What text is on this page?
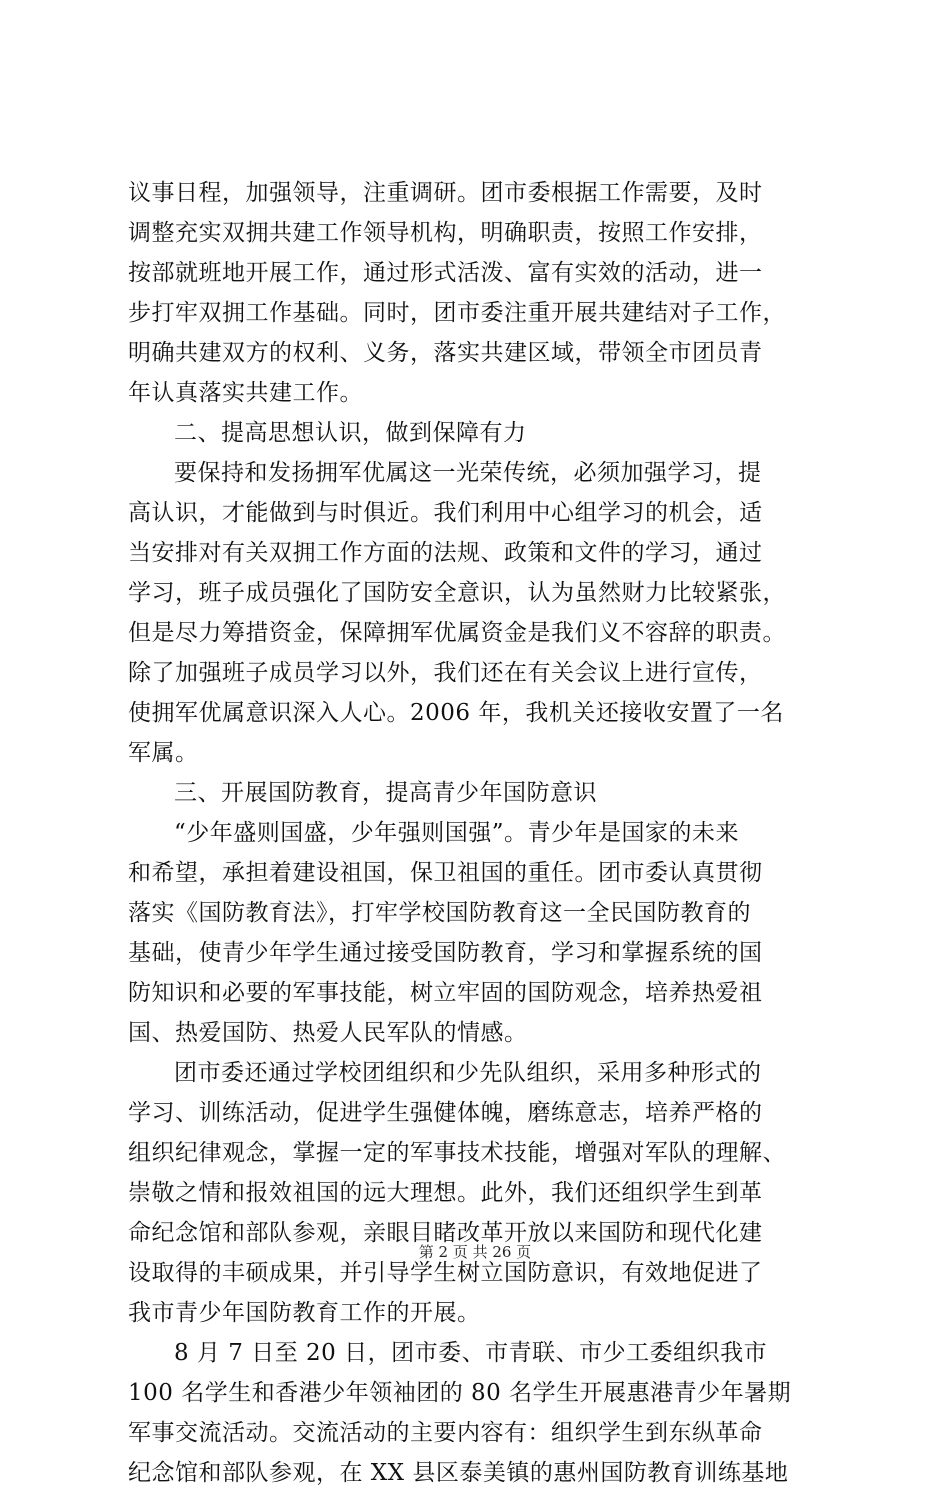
议事日程，加强领导，注重调研。团市委根据工作需要，及时
调整充实双拥共建工作领导机构，明确职责，按照工作安排，
按部就班地开展工作，通过形式活泼、富有实效的活动，进一
步打牢双拥工作基础。同时，团市委注重开展共建结对子工作，
明确共建双方的权利、义务，落实共建区域，带领全市团员青
年认真落实共建工作。
二、提高思想认识，做到保障有力
要保持和发扬拥军优属这一光荣传统，必须加强学习，提
高认识，才能做到与时俱近。我们利用中心组学习的机会，适
当安排对有关双拥工作方面的法规、政策和文件的学习，通过
学习，班子成员强化了国防安全意识，认为虽然财力比较紧张，
但是尽力筹措资金，保障拥军优属资金是我们义不容辞的职责。
除了加强班子成员学习以外，我们还在有关会议上进行宣传，
使拥军优属意识深入人心。2006 年，我机关还接收安置了一名
军属。
三、开展国防教育，提高青少年国防意识
“少年盛则国盛，少年强则国强”。青少年是国家的未来
和希望，承担着建设祖国，保卫祖国的重任。团市委认真贯彻
落实《国防教育法》，打牢学校国防教育这一全民国防教育的
基础，使青少年学生通过接受国防教育，学习和掌握系统的国
防知识和必要的军事技能，树立牢固的国防观念，培养热爱祖
国、热爱国防、热爱人民军队的情感。
团市委还通过学校团组织和少先队组织，采用多种形式的
学习、训练活动，促进学生强健体魄，磨练意志，培养严格的
组织纪律观念，掌握一定的军事技术技能，增强对军队的理解、
崇敬之情和报效祖国的远大理想。此外，我们还组织学生到革
命纪念馆和部队参观，亲眼目睹改革开放以来国防和现代化建
设取得的丰硕成果，并引导学生树立国防意识，有效地促进了
我市青少年国防教育工作的开展。
8 月 7 日至 20 日，团市委、市青联、市少工委组织我市
100 名学生和香港少年领袖团的 80 名学生开展惠港青少年暑期
军事交流活动。交流活动的主要内容有：组织学生到东纵革命
纪念馆和部队参观，在 XX 县区泰美镇的惠州国防教育训练基地
第 2 页 共 26 页
